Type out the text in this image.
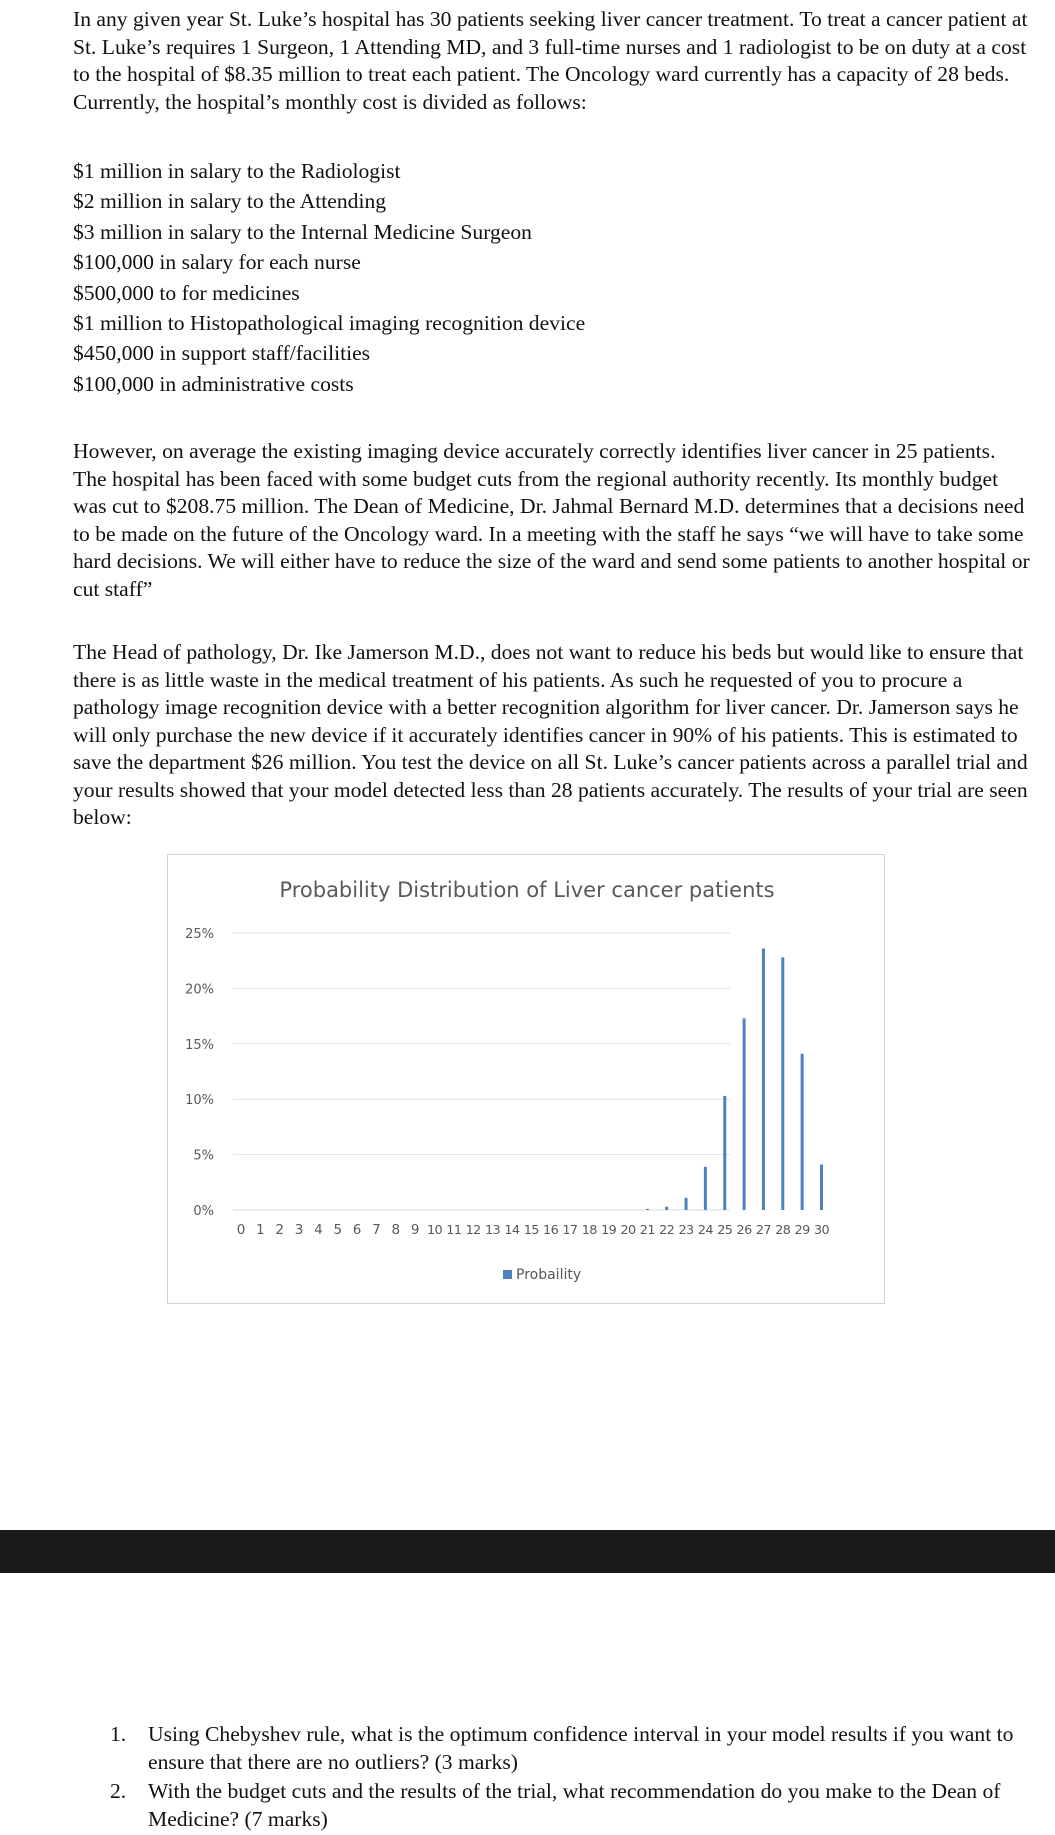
In any given year St. Luke’s hospital has 30 patients seeking liver cancer treatment. To treat a cancer patient at St. Luke’s requires 1 Surgeon, 1 Attending MD, and 3 full-time nurses and 1 radiologist to be on duty at a cost to the hospital of $8.35 million to treat each patient. The Oncology ward currently has a capacity of 28 beds. Currently, the hospital’s monthly cost is divided as follows:

$1 million in salary to the Radiologist
$2 million in salary to the Attending
$3 million in salary to the Internal Medicine Surgeon
$100,000 in salary for each nurse
$500,000 to for medicines
$1 million to Histopathological imaging recognition device
$450,000 in support staff/facilities
$100,000 in administrative costs

However, on average the existing imaging device accurately correctly identifies liver cancer in 25 patients. The hospital has been faced with some budget cuts from the regional authority recently. Its monthly budget was cut to $208.75 million. The Dean of Medicine, Dr. Jahmal Bernard M.D. determines that a decisions need to be made on the future of the Oncology ward. In a meeting with the staff he says “we will have to take some hard decisions. We will either have to reduce the size of the ward and send some patients to another hospital or cut staff”

The Head of pathology, Dr. Ike Jamerson M.D., does not want to reduce his beds but would like to ensure that there is as little waste in the medical treatment of his patients. As such he requested of you to procure a pathology image recognition device with a better recognition algorithm for liver cancer. Dr. Jamerson says he will only purchase the new device if it accurately identifies cancer in 90% of his patients. This is estimated to save the department $26 million. You test the device on all St. Luke’s cancer patients across a parallel trial and your results showed that your model detected less than 28 patients accurately. The results of your trial are seen below:

Probability Distribution of Liver cancer patients
0%
5%
10%
15%
20%
25%
0 1 2 3 4 5 6 7 8 9 10 11 12 13 14 15 16 17 18 19 20 21 22 23 24 25 26 27 28 29 30
Probaility
1. Using Chebyshev rule, what is the optimum confidence interval in your model results if you want to ensure that there are no outliers? (3 marks)
2. With the budget cuts and the results of the trial, what recommendation do you make to the Dean of Medicine? (7 marks)
